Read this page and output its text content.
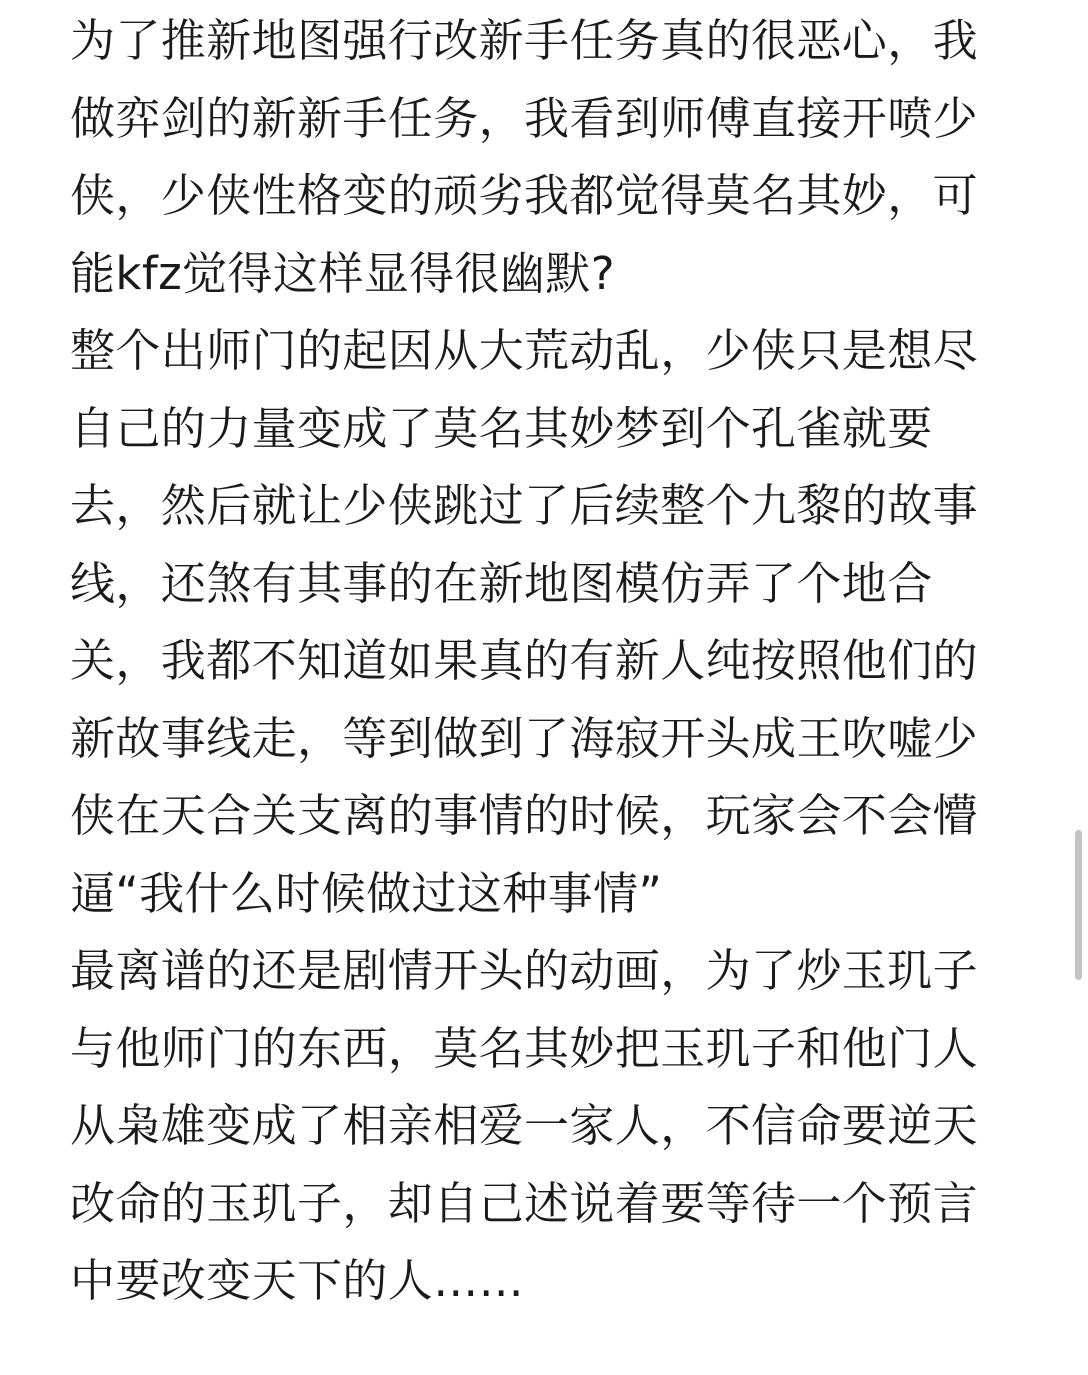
为了推新地图强行改新手任务真的很恶心，我
做弈剑的新新手任务，我看到师傅直接开喷少
侠，少侠性格变的顽劣我都觉得莫名其妙，可
能kfz觉得这样显得很幽默?

整个出师门的起因从大荒动乱，少侠只是想尽
自己的力量变成了莫名其妙梦到个孔雀就要
去，然后就让少侠跳过了后续整个九黎的故事
线，还煞有其事的在新地图模仿弄了个地合
关，我都不知道如果真的有新人纯按照他们的
新故事线走，等到做到了海寂开头成王吹嘘少
侠在天合关支离的事情的时候，玩家会不会懵
逼“我什么时候做过这种事情”

最离谱的还是剧情开头的动画，为了炒玉玑子
与他师门的东西，莫名其妙把玉玑子和他门人
从枭雄变成了相亲相爱一家人，不信命要逆天
改命的玉玑子，却自己述说着要等待一个预言
中要改变天下的人……
